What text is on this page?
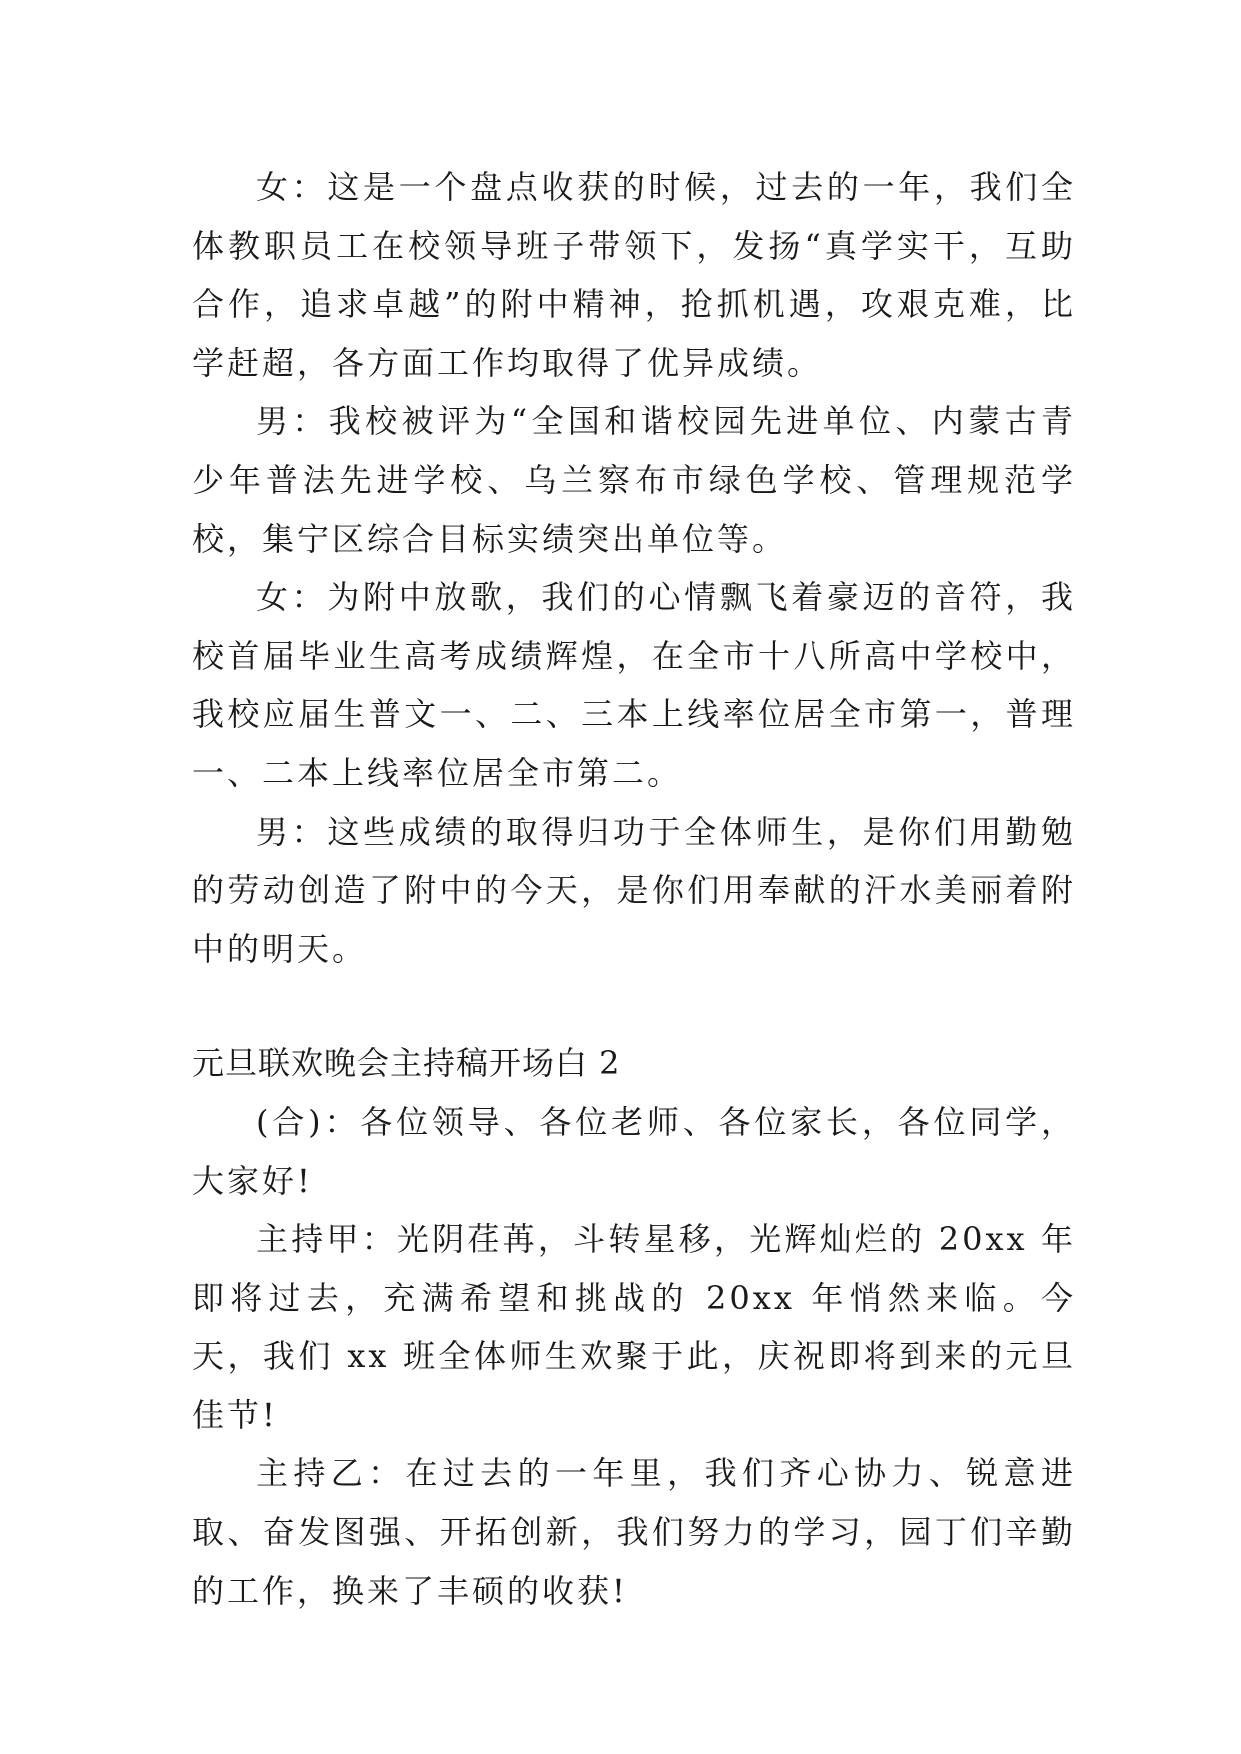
女：这是一个盘点收获的时候，过去的一年，我们全体教职员工在校领导班子带领下，发扬“真学实干，互助合作，追求卓越”的附中精神，抢抓机遇，攻艰克难，比学赶超，各方面工作均取得了优异成绩。

男：我校被评为“全国和谐校园先进单位、内蒙古青少年普法先进学校、乌兰察布市绿色学校、管理规范学校，集宁区综合目标实绩突出单位等。

女：为附中放歌，我们的心情飘飞着豪迈的音符，我校首届毕业生高考成绩辉煌，在全市十八所高中学校中，我校应届生普文一、二、三本上线率位居全市第一，普理一、二本上线率位居全市第二。

男：这些成绩的取得归功于全体师生，是你们用勤勉的劳动创造了附中的今天，是你们用奉献的汗水美丽着附中的明天。

元旦联欢晚会主持稿开场白 2

(合)：各位领导、各位老师、各位家长，各位同学，大家好!

主持甲：光阴荏苒，斗转星移，光辉灿烂的 20xx 年即将过去，充满希望和挑战的 20xx 年悄然来临。今天，我们 xx 班全体师生欢聚于此，庆祝即将到来的元旦佳节!

主持乙：在过去的一年里，我们齐心协力、锐意进取、奋发图强、开拓创新，我们努力的学习，园丁们辛勤的工作，换来了丰硕的收获!
